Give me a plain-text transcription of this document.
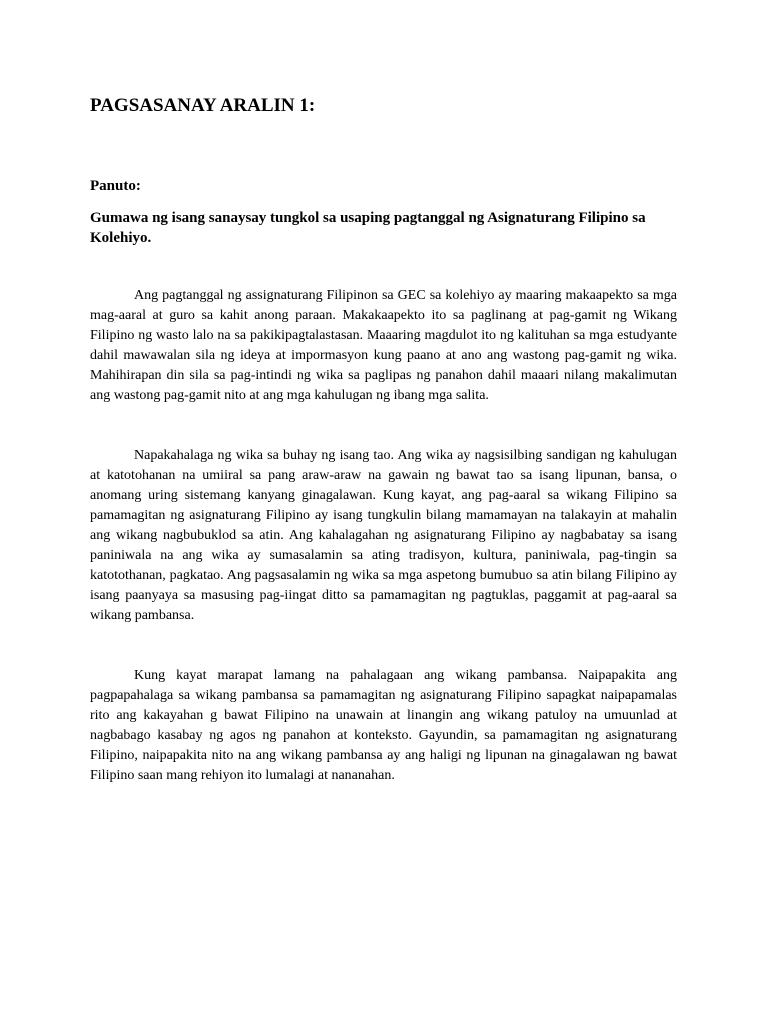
PAGSASANAY ARALIN 1:

Panuto:

Gumawa ng isang sanaysay tungkol sa usaping pagtanggal ng Asignaturang Filipino sa Kolehiyo.

Ang pagtanggal ng assignaturang Filipinon sa GEC sa kolehiyo ay maaring makaapekto sa mga mag-aaral at guro sa kahit anong paraan. Makakaapekto ito sa paglinang at pag-gamit ng Wikang Filipino ng wasto lalo na sa pakikipagtalastasan. Maaaring magdulot ito ng kalituhan sa mga estudyante dahil mawawalan sila ng ideya at impormasyon kung paano at ano ang wastong pag-gamit ng wika. Mahihirapan din sila sa pag-intindi ng wika sa paglipas ng panahon dahil maaari nilang makalimutan ang wastong pag-gamit nito at ang mga kahulugan ng ibang mga salita.

Napakahalaga ng wika sa buhay ng isang tao. Ang wika ay nagsisilbing sandigan ng kahulugan at katotohanan na umiiral sa pang araw-araw na gawain ng bawat tao sa isang lipunan, bansa, o anomang uring sistemang kanyang ginagalawan. Kung kayat, ang pag-aaral sa wikang Filipino sa pamamagitan ng asignaturang Filipino ay isang tungkulin bilang mamamayan na talakayin at mahalin ang wikang nagbubuklod sa atin. Ang kahalagahan ng asignaturang Filipino ay nagbabatay sa isang paniniwala na ang wika ay sumasalamin sa ating tradisyon, kultura, paniniwala, pag-tingin sa katotothanan, pagkatao. Ang pagsasalamin ng wika sa mga aspetong bumubuo sa atin bilang Filipino ay isang paanyaya sa masusing pag-iingat ditto sa pamamagitan ng pagtuklas, paggamit at pag-aaral sa wikang pambansa.

Kung kayat marapat lamang na pahalagaan ang wikang pambansa. Naipapakita ang pagpapahalaga sa wikang pambansa sa pamamagitan ng asignaturang Filipino sapagkat naipapamalas rito ang kakayahan g bawat Filipino na unawain at linangin ang wikang patuloy na umuunlad at nagbabago kasabay ng agos ng panahon at konteksto. Gayundin, sa pamamagitan ng asignaturang Filipino, naipapakita nito na ang wikang pambansa ay ang haligi ng lipunan na ginagalawan ng bawat Filipino saan mang rehiyon ito lumalagi at nananahan.
